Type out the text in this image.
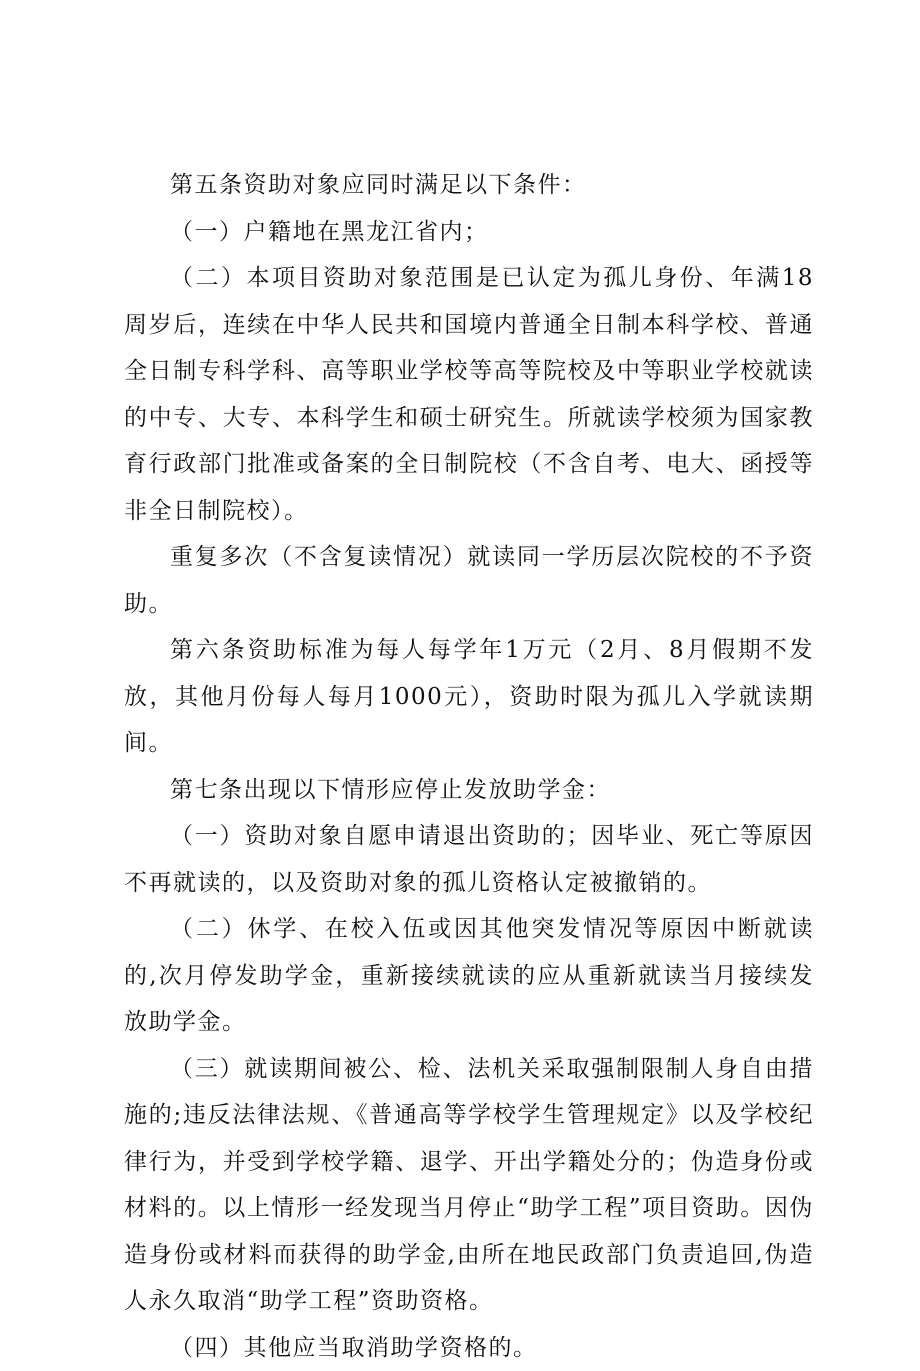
第五条资助对象应同时满足以下条件：

（一）户籍地在黑龙江省内；

（二）本项目资助对象范围是已认定为孤儿身份、年满18周岁后，连续在中华人民共和国境内普通全日制本科学校、普通全日制专科学科、高等职业学校等高等院校及中等职业学校就读的中专、大专、本科学生和硕士研究生。所就读学校须为国家教育行政部门批准或备案的全日制院校（不含自考、电大、函授等非全日制院校）。

重复多次（不含复读情况）就读同一学历层次院校的不予资助。

第六条资助标准为每人每学年1万元（2月、8月假期不发放，其他月份每人每月1000元），资助时限为孤儿入学就读期间。

第七条出现以下情形应停止发放助学金：

（一）资助对象自愿申请退出资助的；因毕业、死亡等原因不再就读的，以及资助对象的孤儿资格认定被撤销的。

（二）休学、在校入伍或因其他突发情况等原因中断就读的,次月停发助学金，重新接续就读的应从重新就读当月接续发放助学金。

（三）就读期间被公、检、法机关采取强制限制人身自由措施的;违反法律法规、《普通高等学校学生管理规定》以及学校纪律行为，并受到学校学籍、退学、开出学籍处分的；伪造身份或材料的。以上情形一经发现当月停止“助学工程”项目资助。因伪造身份或材料而获得的助学金,由所在地民政部门负责追回,伪造人永久取消“助学工程”资助资格。

（四）其他应当取消助学资格的。
